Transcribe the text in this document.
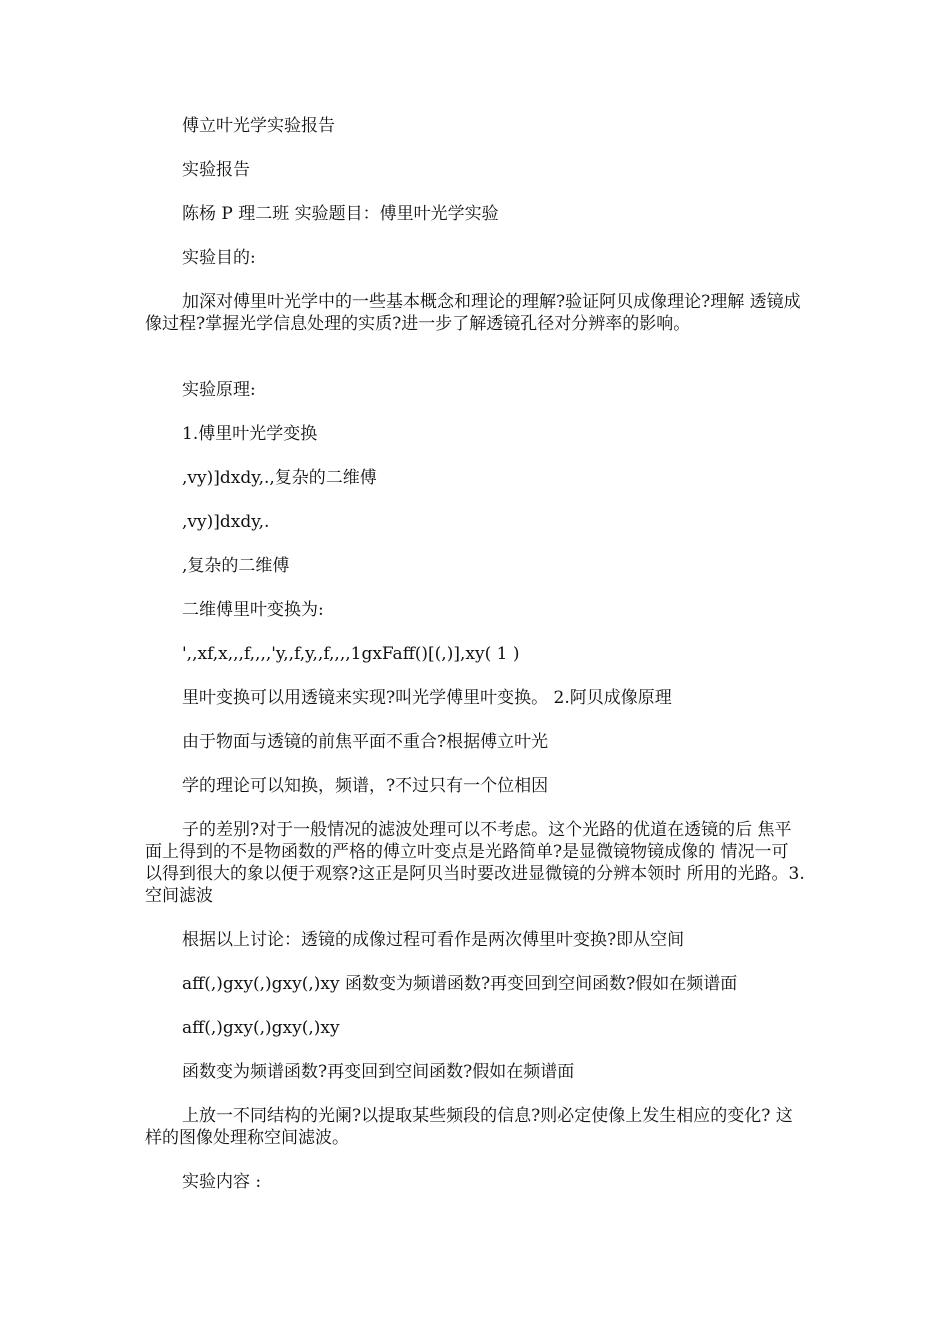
傅立叶光学实验报告

实验报告

陈杨 P 理二班 实验题目：傅里叶光学实验

实验目的:

加深对傅里叶光学中的一些基本概念和理论的理解?验证阿贝成像理论?理解 透镜成像过程?掌握光学信息处理的实质?进一步了解透镜孔径对分辨率的影响。

实验原理:

1.傅里叶光学变换

,vy)]dxdy,.,复杂的二维傅

,vy)]dxdy,.

,复杂的二维傅

二维傅里叶变换为:

',,xf,x,,,f,,,,'y,,f,y,,f,,,,1gxFaff()[(,)],xy( 1 )

里叶变换可以用透镜来实现?叫光学傅里叶变换。 2.阿贝成像原理

由于物面与透镜的前焦平面不重合?根据傅立叶光

学的理论可以知换，频谱，?不过只有一个位相因

子的差别?对于一般情况的滤波处理可以不考虑。这个光路的优道在透镜的后 焦平面上得到的不是物函数的严格的傅立叶变点是光路简单?是显微镜物镜成像的 情况一可以得到很大的象以便于观察?这正是阿贝当时要改进显微镜的分辨本领时 所用的光路。3.空间滤波

根据以上讨论：透镜的成像过程可看作是两次傅里叶变换?即从空间

aff(,)gxy(,)gxy(,)xy 函数变为频谱函数?再变回到空间函数?假如在频谱面

aff(,)gxy(,)gxy(,)xy

函数变为频谱函数?再变回到空间函数?假如在频谱面

上放一不同结构的光阑?以提取某些频段的信息?则必定使像上发生相应的变化? 这样的图像处理称空间滤波。

实验内容 :
